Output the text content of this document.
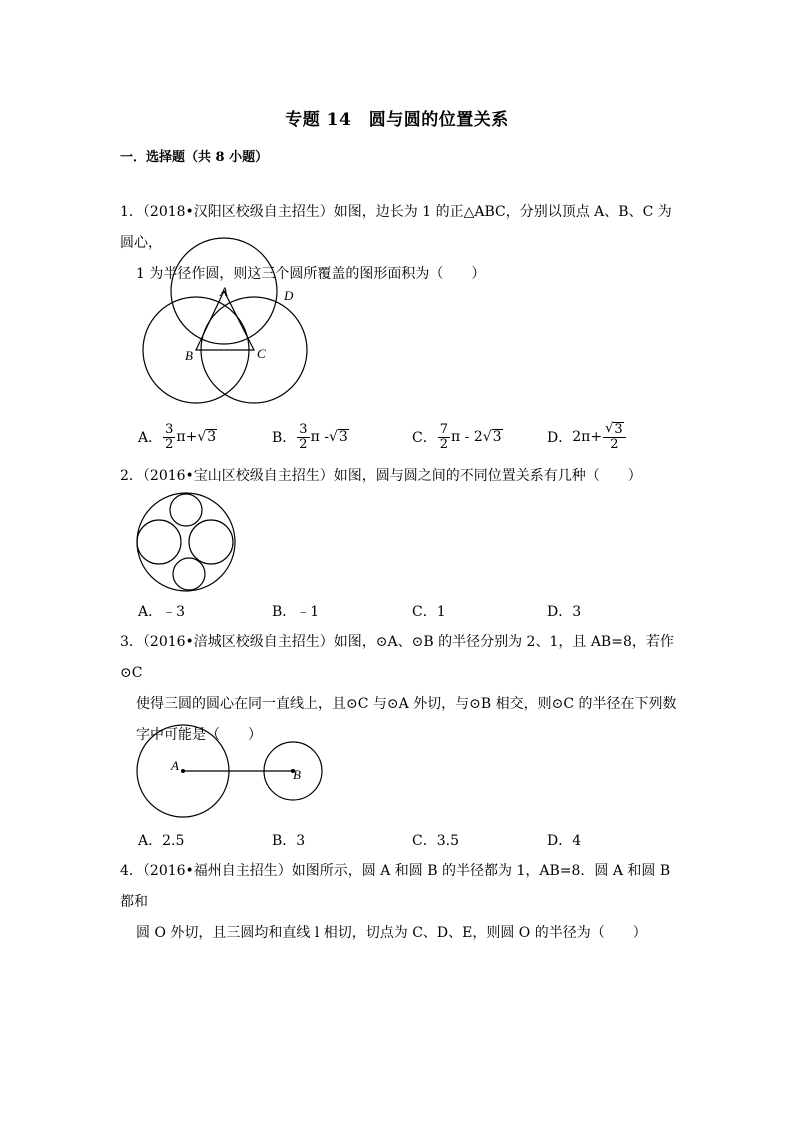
专题 14　圆与圆的位置关系
一．选择题（共 8 小题）
1．（2018•汉阳区校级自主招生）如图，边长为 1 的正△ABC，分别以顶点 A、B、C 为圆心，
1 为半径作圆，则这三个圆所覆盖的图形面积为（　　）
A
B	C
D
A． $\frac{3}{2} \pi+$ √ 3	B． $\frac{3}{2}$ π - √ 3	C． $\frac{7}{2}$ π - 2 √ 3	D． $2\pi+ \frac{√ 3}{2}$
2．（2016•宝山区校级自主招生）如图，圆与圆之间的不同位置关系有几种（　　）
A．﹣3	B．﹣1	C．1	D．3
3．（2016•涪城区校级自主招生）如图，⊙A、⊙B 的半径分别为 2、1，且 AB=8，若作⊙C
使得三圆的圆心在同一直线上，且⊙C 与⊙A 外切，与⊙B 相交，则⊙C 的半径在下列数
字中可能是（　　）
A
B
A．2.5	B．3	C．3.5	D．4
4．（2016•福州自主招生）如图所示，圆 A 和圆 B 的半径都为 1，AB=8．圆 A 和圆 B 都和
圆 O 外切，且三圆均和直线 l 相切，切点为 C、D、E，则圆 O 的半径为（　　）
